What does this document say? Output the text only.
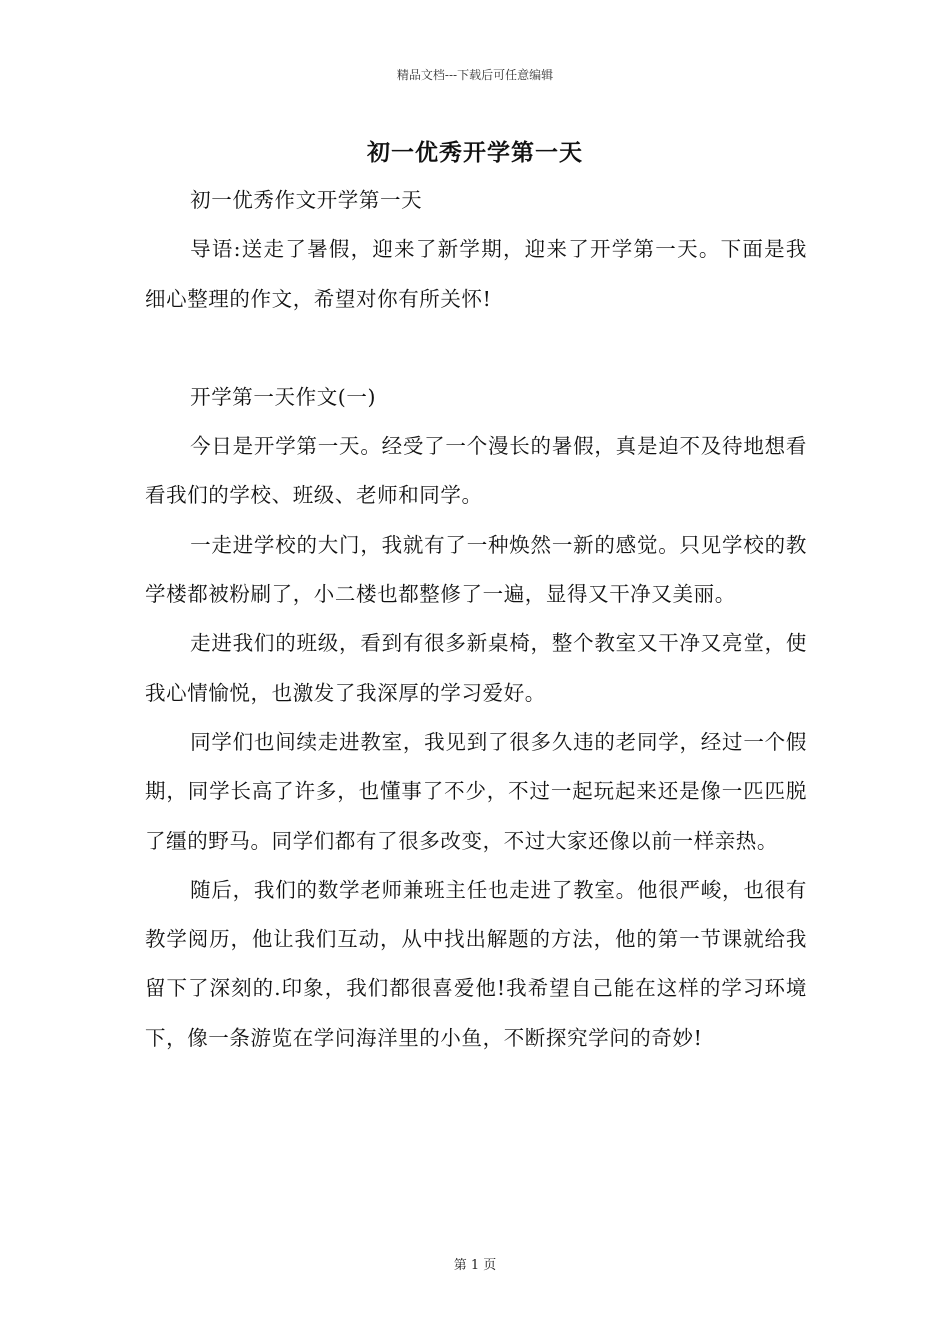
精品文档---下载后可任意编辑
初一优秀开学第一天

初一优秀作文开学第一天

导语:送走了暑假，迎来了新学期，迎来了开学第一天。下面是我细心整理的作文，希望对你有所关怀!

开学第一天作文(一)

今日是开学第一天。经受了一个漫长的暑假，真是迫不及待地想看看我们的学校、班级、老师和同学。

一走进学校的大门，我就有了一种焕然一新的感觉。只见学校的教学楼都被粉刷了，小二楼也都整修了一遍，显得又干净又美丽。

走进我们的班级，看到有很多新桌椅，整个教室又干净又亮堂，使我心情愉悦，也激发了我深厚的学习爱好。

同学们也间续走进教室，我见到了很多久违的老同学，经过一个假期，同学长高了许多，也懂事了不少，不过一起玩起来还是像一匹匹脱了缰的野马。同学们都有了很多改变，不过大家还像以前一样亲热。

随后，我们的数学老师兼班主任也走进了教室。他很严峻，也很有教学阅历，他让我们互动，从中找出解题的方法，他的第一节课就给我留下了深刻的.印象，我们都很喜爱他!我希望自己能在这样的学习环境下，像一条游览在学问海洋里的小鱼，不断探究学问的奇妙!

第 1 页
